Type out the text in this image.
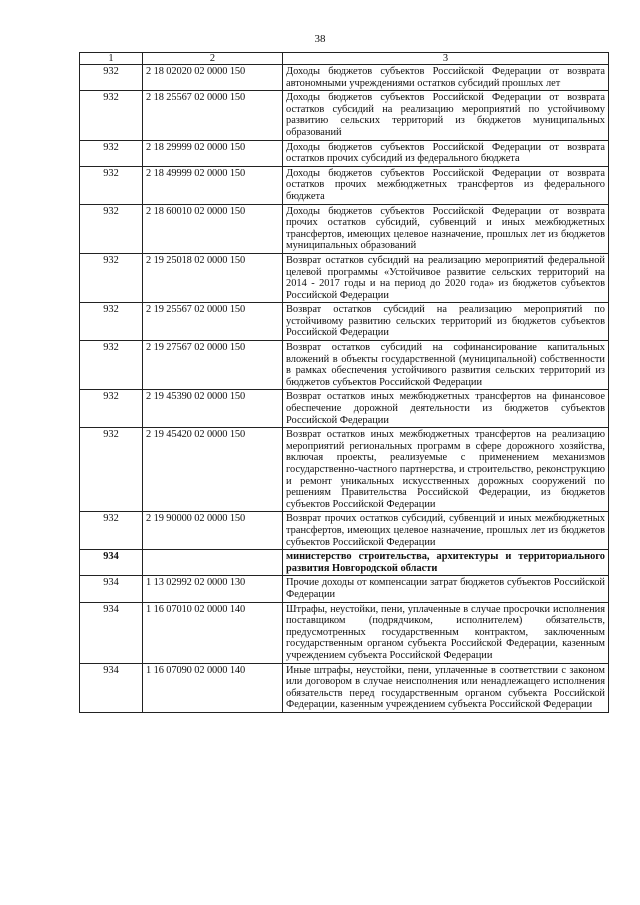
38
1	2	3
932	2 18 02020 02 0000 150	Доходы бюджетов субъектов Российской Федерации от возврата автономными учреждениями остатков субсидий прошлых лет
932	2 18 25567 02 0000 150	Доходы бюджетов субъектов Российской Федерации от возврата остатков субсидий на реализацию мероприятий по устойчивому развитию сельских территорий из бюджетов муниципальных образований
932	2 18 29999 02 0000 150	Доходы бюджетов субъектов Российской Федерации от возврата остатков прочих субсидий из федерального бюджета
932	2 18 49999 02 0000 150	Доходы бюджетов субъектов Российской Федерации от возврата остатков прочих межбюджетных трансфертов из федерального бюджета
932	2 18 60010 02 0000 150	Доходы бюджетов субъектов Российской Федерации от возврата прочих остатков субсидий, субвенций и иных межбюджетных трансфертов, имеющих целевое назначение, прошлых лет из бюджетов муниципальных образований
932	2 19 25018 02 0000 150	Возврат остатков субсидий на реализацию мероприятий федеральной целевой программы «Устойчивое развитие сельских территорий на 2014 - 2017 годы и на период до 2020 года» из бюджетов субъектов Российской Федерации
932	2 19 25567 02 0000 150	Возврат остатков субсидий на реализацию мероприятий по устойчивому развитию сельских территорий из бюджетов субъектов Российской Федерации
932	2 19 27567 02 0000 150	Возврат остатков субсидий на софинансирование капитальных вложений в объекты государственной (муниципальной) собственности в рамках обеспечения устойчивого развития сельских территорий из бюджетов субъектов Российской Федерации
932	2 19 45390 02 0000 150	Возврат остатков иных межбюджетных трансфертов на финансовое обеспечение дорожной деятельности из бюджетов субъектов Российской Федерации
932	2 19 45420 02 0000 150	Возврат остатков иных межбюджетных трансфертов на реализацию мероприятий региональных программ в сфере дорожного хозяйства, включая проекты, реализуемые с применением механизмов государственно-частного партнерства, и строительство, реконструкцию и ремонт уникальных искусственных дорожных сооружений по решениям Правительства Российской Федерации, из бюджетов субъектов Российской Федерации
932	2 19 90000 02 0000 150	Возврат прочих остатков субсидий, субвенций и иных межбюджетных трансфертов, имеющих целевое назначение, прошлых лет из бюджетов субъектов Российской Федерации
934		министерство строительства, архитектуры и территориального развития Новгородской области
934	1 13 02992 02 0000 130	Прочие доходы от компенсации затрат бюджетов субъектов Российской Федерации
934	1 16 07010 02 0000 140	Штрафы, неустойки, пени, уплаченные в случае просрочки исполнения поставщиком (подрядчиком, исполнителем) обязательств, предусмотренных государственным контрактом, заключенным государственным органом субъекта Российской Федерации, казенным учреждением субъекта Российской Федерации
934	1 16 07090 02 0000 140	Иные штрафы, неустойки, пени, уплаченные в соответствии с законом или договором в случае неисполнения или ненадлежащего исполнения обязательств перед государственным органом субъекта Российской Федерации, казенным учреждением субъекта Российской Федерации
